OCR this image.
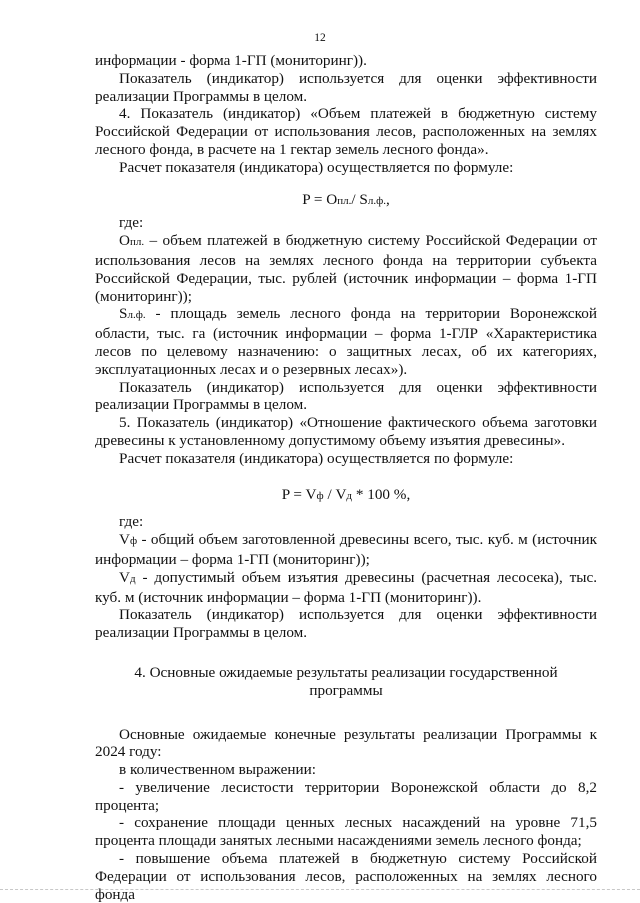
12

информации - форма 1-ГП (мониторинг)).

Показатель (индикатор) используется для оценки эффективности реализации Программы в целом.

4. Показатель (индикатор) «Объем платежей в бюджетную систему Российской Федерации от использования лесов, расположенных на землях лесного фонда, в расчете на 1 гектар земель лесного фонда».

Расчет показателя (индикатора) осуществляется по формуле:

P = Oпл./ Sл.ф.,

где:

Oпл. – объем платежей в бюджетную систему Российской Федерации от использования лесов на землях лесного фонда на территории субъекта Российской Федерации, тыс. рублей (источник информации – форма 1-ГП (мониторинг));

Sл.ф. - площадь земель лесного фонда на территории Воронежской области, тыс. га (источник информации – форма 1-ГЛР «Характеристика лесов по целевому назначению: о защитных лесах, об их категориях, эксплуатационных лесах и о резервных лесах»).

Показатель (индикатор) используется для оценки эффективности реализации Программы в целом.

5. Показатель (индикатор) «Отношение фактического объема заготовки древесины к установленному допустимому объему изъятия древесины».

Расчет показателя (индикатора) осуществляется по формуле:

P = Vф / Vд * 100 %,

где:

Vф - общий объем заготовленной древесины всего, тыс. куб. м (источник информации – форма 1-ГП (мониторинг));

Vд - допустимый объем изъятия древесины (расчетная лесосека), тыс. куб. м (источник информации – форма 1-ГП (мониторинг)).

Показатель (индикатор) используется для оценки эффективности реализации Программы в целом.

4. Основные ожидаемые результаты реализации государственной программы

Основные ожидаемые конечные результаты реализации Программы к 2024 году:

в количественном выражении:

- увеличение лесистости территории Воронежской области до 8,2 процента;

- сохранение площади ценных лесных насаждений на уровне 71,5 процента площади занятых лесными насаждениями земель лесного фонда;

- повышение объема платежей в бюджетную систему Российской Федерации от использования лесов, расположенных на землях лесного фонда
